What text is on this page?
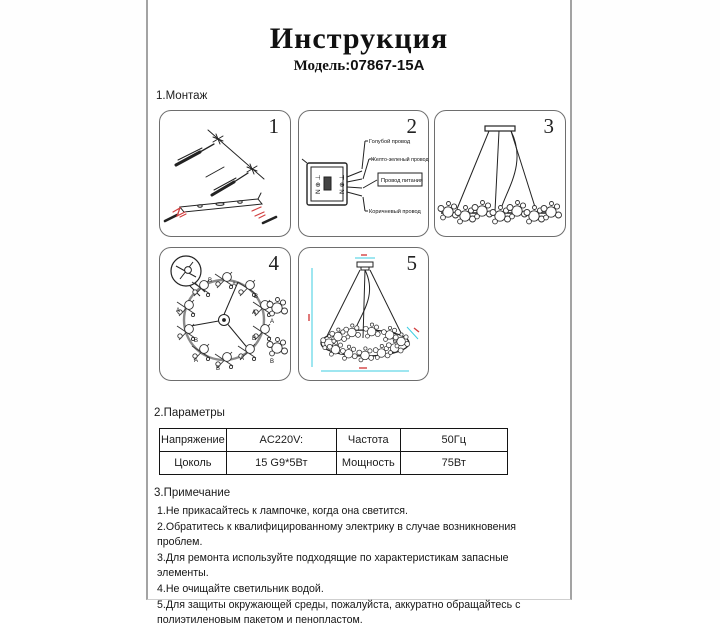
Инструкция
Модель:07867-15A
1.Монтаж
1
N ⊕ ⊥	N ⊕ ⊥
Голубой провод
Желто-зеленый провод
Провод питания
Коричневый провод
2	3
A
B
A
B
A
B
A
B
A
B
A
B
4	5
2.Параметры
Напряжение	AC220V:	Частота	50Гц
Цоколь	15 G9*5Вт	Мощность	75Вт
3.Примечание

1.Не прикасайтесь к лампочке, когда она светится.

2.Обратитесь к квалифицированному электрику в случае возникновения проблем.

3.Для ремонта используйте подходящие по характеристикам запасные элементы.

4.Не очищайте светильник водой.

5.Для защиты окружающей среды, пожалуйста, аккуратно обращайтесь с полиэтиленовым пакетом и пенопластом.
